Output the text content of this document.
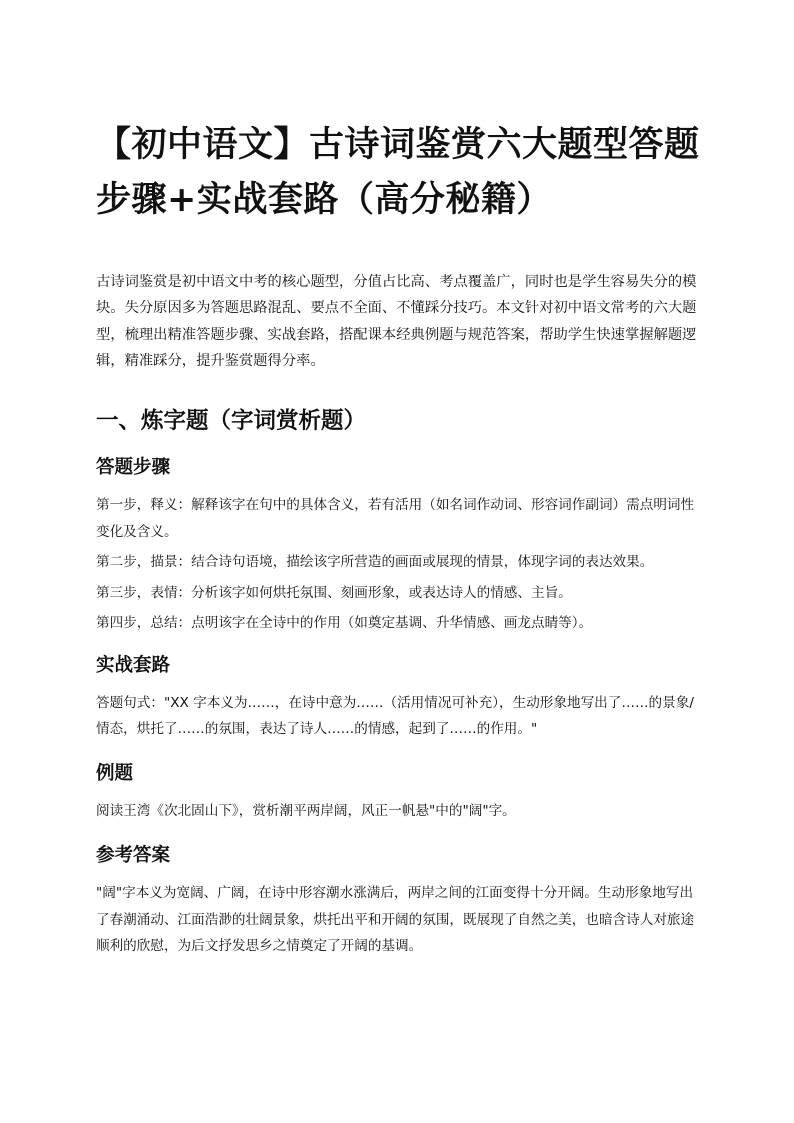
【初中语文】古诗词鉴赏六大题型答题
步骤+实战套路（高分秘籍）

古诗词鉴赏是初中语文中考的核心题型，分值占比高、考点覆盖广，同时也是学生容易失分的模块。失分原因多为答题思路混乱、要点不全面、不懂踩分技巧。本文针对初中语文常考的六大题型，梳理出精准答题步骤、实战套路，搭配课本经典例题与规范答案，帮助学生快速掌握解题逻辑，精准踩分，提升鉴赏题得分率。

一、炼字题（字词赏析题）
答题步骤

第一步，释义：解释该字在句中的具体含义，若有活用（如名词作动词、形容词作副词）需点明词性变化及含义。

第二步，描景：结合诗句语境，描绘该字所营造的画面或展现的情景，体现字词的表达效果。

第三步，表情：分析该字如何烘托氛围、刻画形象，或表达诗人的情感、主旨。

第四步，总结：点明该字在全诗中的作用（如奠定基调、升华情感、画龙点睛等）。

实战套路

答题句式："XX 字本义为……，在诗中意为……（活用情况可补充），生动形象地写出了……的景象/情态，烘托了……的氛围，表达了诗人……的情感，起到了……的作用。"

例题

阅读王湾《次北固山下》，赏析潮平两岸阔，风正一帆悬"中的"阔"字。

参考答案

"阔"字本义为宽阔、广阔，在诗中形容潮水涨满后，两岸之间的江面变得十分开阔。生动形象地写出了春潮涌动、江面浩渺的壮阔景象，烘托出平和开阔的氛围，既展现了自然之美，也暗含诗人对旅途顺利的欣慰，为后文抒发思乡之情奠定了开阔的基调。
